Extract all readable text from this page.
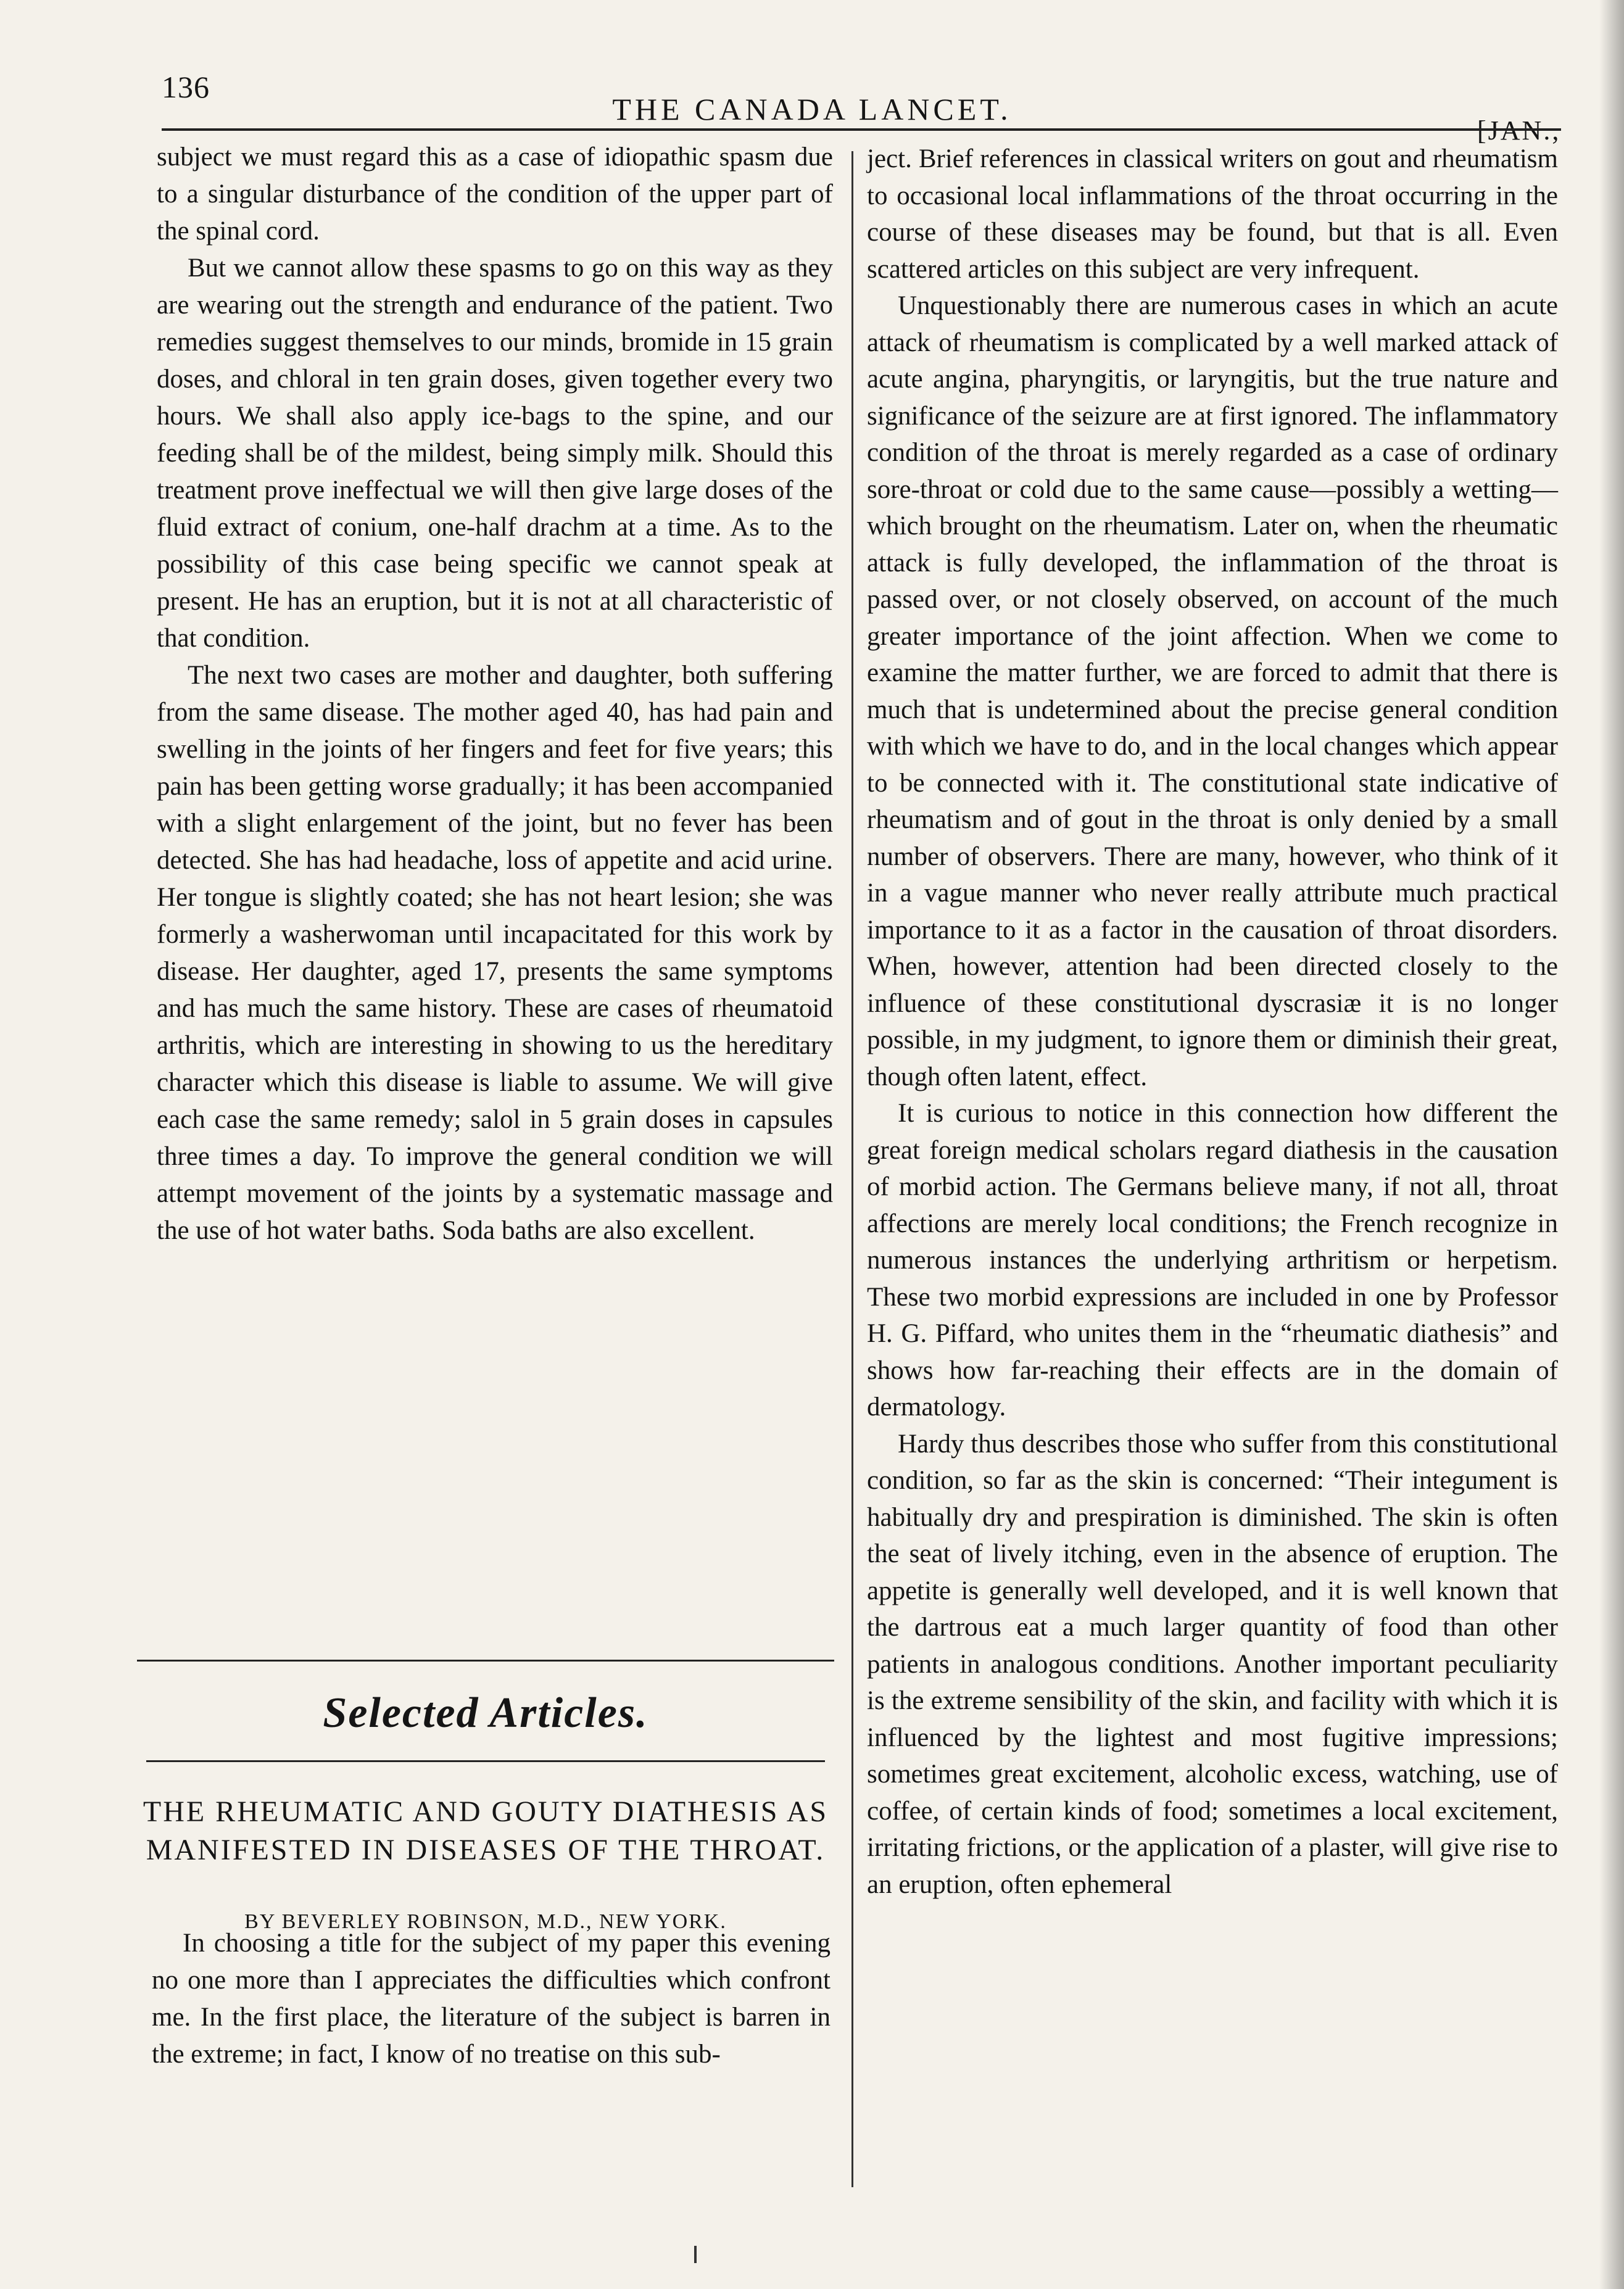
136
THE CANADA LANCET.
[JAN.,

subject we must regard this as a case of idiopathic spasm due to a singular disturbance of the condition of the upper part of the spinal cord.

But we cannot allow these spasms to go on this way as they are wearing out the strength and endurance of the patient. Two remedies suggest themselves to our minds, bromide in 15 grain doses, and chloral in ten grain doses, given together every two hours. We shall also apply ice-bags to the spine, and our feeding shall be of the mildest, being simply milk. Should this treatment prove ineffectual we will then give large doses of the fluid extract of conium, one-half drachm at a time. As to the possibility of this case being specific we cannot speak at present. He has an eruption, but it is not at all characteristic of that condition.

The next two cases are mother and daughter, both suffering from the same disease. The mother aged 40, has had pain and swelling in the joints of her fingers and feet for five years; this pain has been getting worse gradually; it has been accompanied with a slight enlargement of the joint, but no fever has been detected. She has had headache, loss of appetite and acid urine. Her tongue is slightly coated; she has not heart lesion; she was formerly a washerwoman until incapacitated for this work by disease. Her daughter, aged 17, presents the same symptoms and has much the same history. These are cases of rheumatoid arthritis, which are interesting in showing to us the hereditary character which this disease is liable to assume. We will give each case the same remedy; salol in 5 grain doses in capsules three times a day. To improve the general condition we will attempt movement of the joints by a systematic massage and the use of hot water baths. Soda baths are also excellent.

Selected Articles.
THE RHEUMATIC AND GOUTY DIATHESIS AS MANIFESTED IN DISEASES OF THE THROAT.
BY BEVERLEY ROBINSON, M.D., NEW YORK.

In choosing a title for the subject of my paper this evening no one more than I appreciates the difficulties which confront me. In the first place, the literature of the subject is barren in the extreme; in fact, I know of no treatise on this sub-

ject. Brief references in classical writers on gout and rheumatism to occasional local inflammations of the throat occurring in the course of these diseases may be found, but that is all. Even scattered articles on this subject are very infrequent.

Unquestionably there are numerous cases in which an acute attack of rheumatism is complicated by a well marked attack of acute angina, pharyngitis, or laryngitis, but the true nature and significance of the seizure are at first ignored. The inflammatory condition of the throat is merely regarded as a case of ordinary sore-throat or cold due to the same cause—possibly a wetting—which brought on the rheumatism. Later on, when the rheumatic attack is fully developed, the inflammation of the throat is passed over, or not closely observed, on account of the much greater importance of the joint affection. When we come to examine the matter further, we are forced to admit that there is much that is undetermined about the precise general condition with which we have to do, and in the local changes which appear to be connected with it. The constitutional state indicative of rheumatism and of gout in the throat is only denied by a small number of observers. There are many, however, who think of it in a vague manner who never really attribute much practical importance to it as a factor in the causation of throat disorders. When, however, attention had been directed closely to the influence of these constitutional dyscrasiæ it is no longer possible, in my judgment, to ignore them or diminish their great, though often latent, effect.

It is curious to notice in this connection how different the great foreign medical scholars regard diathesis in the causation of morbid action. The Germans believe many, if not all, throat affections are merely local conditions; the French recognize in numerous instances the underlying arthritism or herpetism. These two morbid expressions are included in one by Professor H. G. Piffard, who unites them in the “rheumatic diathesis” and shows how far-reaching their effects are in the domain of dermatology.

Hardy thus describes those who suffer from this constitutional condition, so far as the skin is concerned: “Their integument is habitually dry and prespiration is diminished. The skin is often the seat of lively itching, even in the absence of eruption. The appetite is generally well developed, and it is well known that the dartrous eat a much larger quantity of food than other patients in analogous conditions. Another important peculiarity is the extreme sensibility of the skin, and facility with which it is influenced by the lightest and most fugitive impressions; sometimes great excitement, alcoholic excess, watching, use of coffee, of certain kinds of food; sometimes a local excitement, irritating frictions, or the application of a plaster, will give rise to an eruption, often ephemeral
